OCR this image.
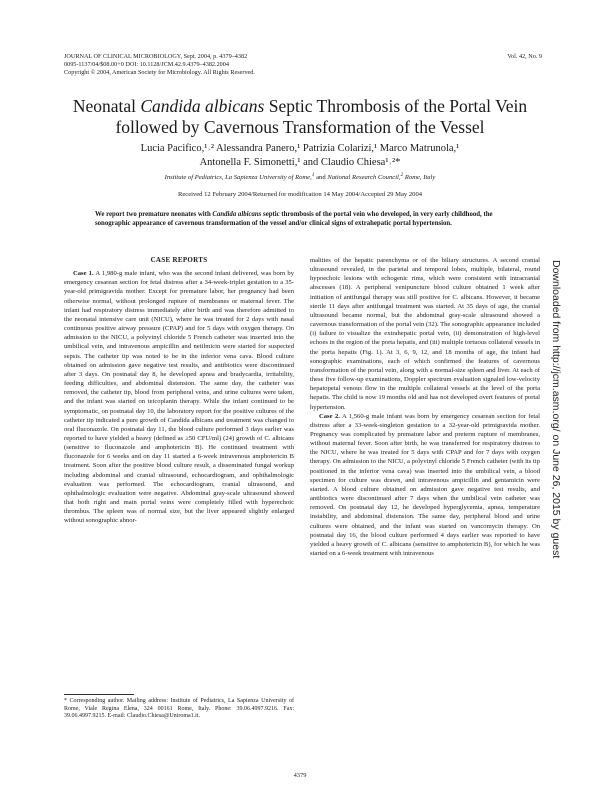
JOURNAL OF CLINICAL MICROBIOLOGY, Sept. 2004, p. 4379–4382
0095-1137/04/$08.00+0 DOI: 10.1128/JCM.42.9.4379–4382.2004
Copyright © 2004, American Society for Microbiology. All Rights Reserved.
Vol. 42, No. 9
Neonatal Candida albicans Septic Thrombosis of the Portal Vein
followed by Cavernous Transformation of the Vessel
Lucia Pacifico,¹˒² Alessandra Panero,¹ Patrizia Colarizi,¹ Marco Matrunola,¹
Antonella F. Simonetti,¹ and Claudio Chiesa¹˒²*
Institute of Pediatrics, La Sapienza University of Rome,$^1$ and National Research Council,$^2$ Rome, Italy
Received 12 February 2004/Returned for modification 14 May 2004/Accepted 29 May 2004
We report two premature neonates with Candida albicans septic thrombosis of the portal vein who developed, in very early childhood, the sonographic appearance of cavernous transformation of the vessel and/or clinical signs of extrahepatic portal hypertension.
Downloaded from http://jcm.asm.org/ on June 26, 2015 by guest
CASE REPORTS

Case 1. A 1,980-g male infant, who was the second infant delivered, was born by emergency cesarean section for fetal distress after a 34-week-triplet gestation to a 35-year-old primigravida mother. Except for premature labor, her pregnancy had been otherwise normal, without prolonged rupture of membranes or maternal fever. The infant had respiratory distress immediately after birth and was therefore admitted to the neonatal intensive care unit (NICU), where he was treated for 2 days with nasal continuous positive airway pressure (CPAP) and for 5 days with oxygen therapy. On admission to the NICU, a polyvinyl chloride 5 French catheter was inserted into the umbilical vein, and intravenous ampicillin and netilmicin were started for suspected sepsis. The catheter tip was noted to be in the inferior vena cava. Blood culture obtained on admission gave negative test results, and antibiotics were discontinued after 3 days. On postnatal day 8, he developed apnea and bradycardia, irritability, feeding difficulties, and abdominal distension. The same day, the catheter was removed, the catheter tip, blood from peripheral veins, and urine cultures were taken, and the infant was started on teicoplanin therapy. While the infant continued to be symptomatic, on postnatal day 10, the laboratory report for the positive cultures of the catheter tip indicated a pure growth of Candida albicans and treatment was changed to oral fluconazole. On postnatal day 11, the blood culture performed 3 days earlier was reported to have yielded a heavy (defined as ≥50 CFU/ml) (24) growth of C. albicans (sensitive to fluconazole and amphotericin B). He continued treatment with fluconazole for 6 weeks and on day 11 started a 6-week intravenous amphotericin B treatment. Soon after the positive blood culture result, a disseminated fungal workup including abdominal and cranial ultrasound, echocardiogram, and ophthalmologic evaluation was performed. The echocardiogram, cranial ultrasound, and ophthalmologic evaluation were negative. Abdominal gray-scale ultrasound showed that both right and main portal veins were completely filled with hyperechoic thrombus. The spleen was of normal size, but the liver appeared slightly enlarged without sonographic abnor-

malities of the hepatic parenchyma or of the biliary structures. A second cranial ultrasound revealed, in the parietal and temporal lobes, multiple, bilateral, round hypoechoic lesions with echogenic rims, which were consistent with intracranial abscesses (18). A peripheral venipuncture blood culture obtained 1 week after initiation of antifungal therapy was still positive for C. albicans. However, it became sterile 11 days after antifungal treatment was started. At 35 days of age, the cranial ultrasound became normal, but the abdominal gray-scale ultrasound showed a cavernous transformation of the portal vein (32). The sonographic appearance included (i) failure to visualize the extrahepatic portal vein, (ii) demonstration of high-level echoes in the region of the porta hepatis, and (iii) multiple tortuous collateral vessels in the porta hepatis (Fig. 1). At 3, 6, 9, 12, and 18 months of age, the infant had sonographic examinations, each of which confirmed the features of cavernous transformation of the portal vein, along with a normal-size spleen and liver. At each of these five follow-up examinations, Doppler spectrum evaluation signaled low-velocity hepatopetal venous flow in the multiple collateral vessels at the level of the porta hepatis. The child is now 19 months old and has not developed overt features of portal hypertension.

Case 2. A 1,560-g male infant was born by emergency cesarean section for fetal distress after a 33-week-singleton gestation to a 32-year-old primigravida mother. Pregnancy was complicated by premature labor and preterm rupture of membranes, without maternal fever. Soon after birth, he was transferred for respiratory distress to the NICU, where he was treated for 5 days with CPAP and for 7 days with oxygen therapy. On admission to the NICU, a polyvinyl chloride 5 French catheter (with its tip positioned in the inferior vena cava) was inserted into the umbilical vein, a blood specimen for culture was drawn, and intravenous ampicillin and gentamicin were started. A blood culture obtained on admission gave negative test results, and antibiotics were discontinued after 7 days when the umbilical vein catheter was removed. On postnatal day 12, he developed hyperglycemia, apnea, temperature instability, and abdominal distension. The same day, peripheral blood and urine cultures were obtained, and the infant was started on vancomycin therapy. On postnatal day 16, the blood culture performed 4 days earlier was reported to have yielded a heavy growth of C. albicans (sensitive to amphotericin B), for which he was started on a 6-week treatment with intravenous

* Corresponding author. Mailing address: Institute of Pediatrics, La Sapienza University of Rome, Viale Regina Elena, 324 00161 Rome, Italy. Phone: 39.06.4997.9216. Fax: 39.06.4997.9215. E-mail: Claudio.Chiesa@Uniroma1.it.
4379
